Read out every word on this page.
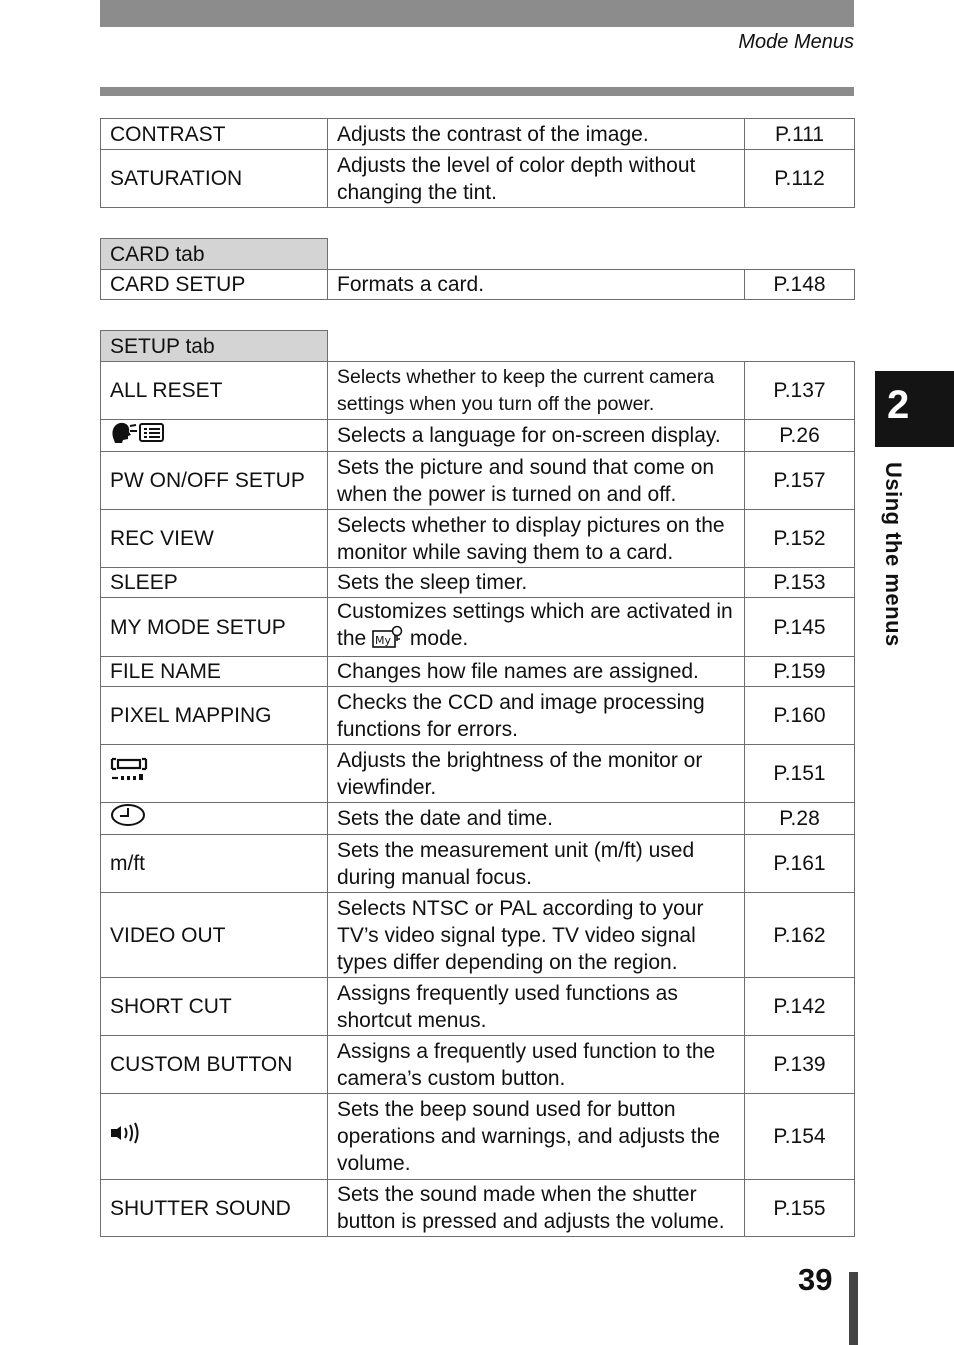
Mode Menus
CONTRAST	Adjusts the contrast of the image.	P.111
SATURATION	Adjusts the level of color depth without changing the tint.	P.112
CARD tab		
CARD SETUP	Formats a card.	P.148
SETUP tab		
ALL RESET	Selects whether to keep the current camera settings when you turn off the power.	P.137
	Selects a language for on-screen display.	P.26
PW ON/OFF SETUP	Sets the picture and sound that come on when the power is turned on and off.	P.157
REC VIEW	Selects whether to display pictures on the monitor while saving them to a card.	P.152
SLEEP	Sets the sleep timer.	P.153
MY MODE SETUP	Customizes settings which are activated in the My mode.	P.145
FILE NAME	Changes how file names are assigned.	P.159
PIXEL MAPPING	Checks the CCD and image processing functions for errors.	P.160
	Adjusts the brightness of the monitor or viewfinder.	P.151
	Sets the date and time.	P.28
m/ft	Sets the measurement unit (m/ft) used during manual focus.	P.161
VIDEO OUT	Selects NTSC or PAL according to your TV’s video signal type. TV video signal types differ depending on the region.	P.162
SHORT CUT	Assigns frequently used functions as shortcut menus.	P.142
CUSTOM BUTTON	Assigns a frequently used function to the camera’s custom button.	P.139
	Sets the beep sound used for button operations and warnings, and adjusts the volume.	P.154
SHUTTER SOUND	Sets the sound made when the shutter button is pressed and adjusts the volume.	P.155
2
Using the menus
39
